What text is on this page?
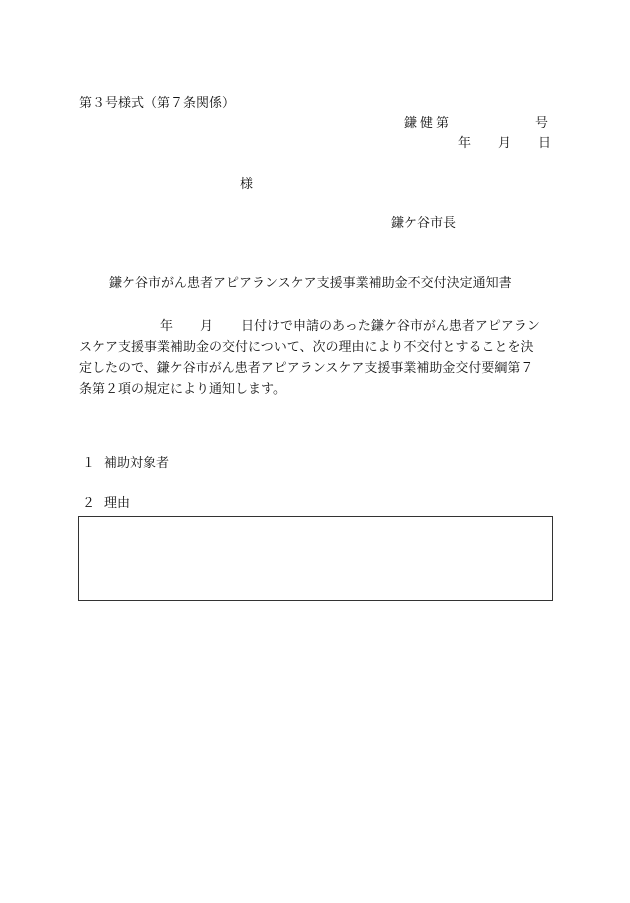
第３号様式（第７条関係）
鎌健第	号
年 月 日
様
鎌ケ谷市長
鎌ケ谷市がん患者アピアランスケア支援事業補助金不交付決定通知書
年 月 日付けで申請のあった鎌ケ谷市がん患者アピアラン
スケア支援事業補助金の交付について、次の理由により不交付とすることを決
定したので、鎌ケ谷市がん患者アピアランスケア支援事業補助金交付要綱第７
条第２項の規定により通知します。
１ 補助対象者
２ 理由
